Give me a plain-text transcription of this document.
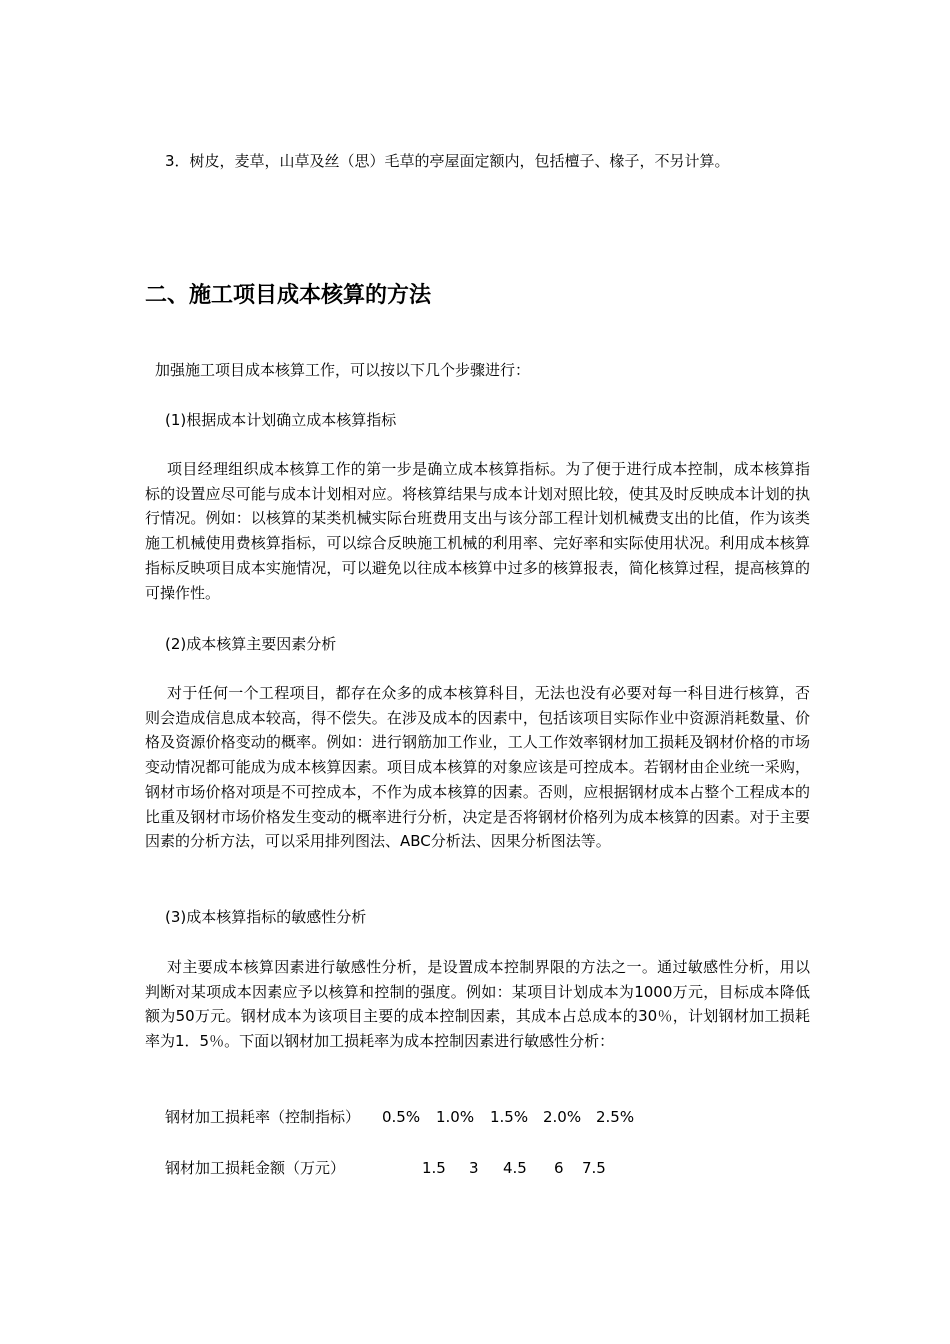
3．树皮，麦草，山草及丝（思）毛草的亭屋面定额内，包括檀子、椽子，不另计算。
二、施工项目成本核算的方法
加强施工项目成本核算工作，可以按以下几个步骤进行：
(1)根据成本计划确立成本核算指标
项目经理组织成本核算工作的第一步是确立成本核算指标。为了便于进行成本控制，成本核算指标的设置应尽可能与成本计划相对应。将核算结果与成本计划对照比较，使其及时反映成本计划的执行情况。例如：以核算的某类机械实际台班费用支出与该分部工程计划机械费支出的比值，作为该类施工机械使用费核算指标，可以综合反映施工机械的利用率、完好率和实际使用状况。利用成本核算指标反映项目成本实施情况，可以避免以往成本核算中过多的核算报表，简化核算过程，提高核算的可操作性。
(2)成本核算主要因素分析
对于任何一个工程项目，都存在众多的成本核算科目，无法也没有必要对每一科目进行核算，否则会造成信息成本较高，得不偿失。在涉及成本的因素中，包括该项目实际作业中资源消耗数量、价格及资源价格变动的概率。例如：进行钢筋加工作业，工人工作效率钢材加工损耗及钢材价格的市场变动情况都可能成为成本核算因素。项目成本核算的对象应该是可控成本。若钢材由企业统一采购，钢材市场价格对项是不可控成本，不作为成本核算的因素。否则，应根据钢材成本占整个工程成本的比重及钢材市场价格发生变动的概率进行分析，决定是否将钢材价格列为成本核算的因素。对于主要因素的分析方法，可以采用排列图法、ABC分析法、因果分析图法等。
(3)成本核算指标的敏感性分析
对主要成本核算因素进行敏感性分析，是设置成本控制界限的方法之一。通过敏感性分析，用以判断对某项成本因素应予以核算和控制的强度。例如：某项目计划成本为1000万元，目标成本降低额为50万元。钢材成本为该项目主要的成本控制因素，其成本占总成本的30％，计划钢材加工损耗率为1．5％。下面以钢材加工损耗率为成本控制因素进行敏感性分析：
钢材加工损耗率（控制指标） 0.5% 1.0% 1.5% 2.0% 2.5%
钢材加工损耗金额（万元）	1.5 3 4.5 6 7.5
